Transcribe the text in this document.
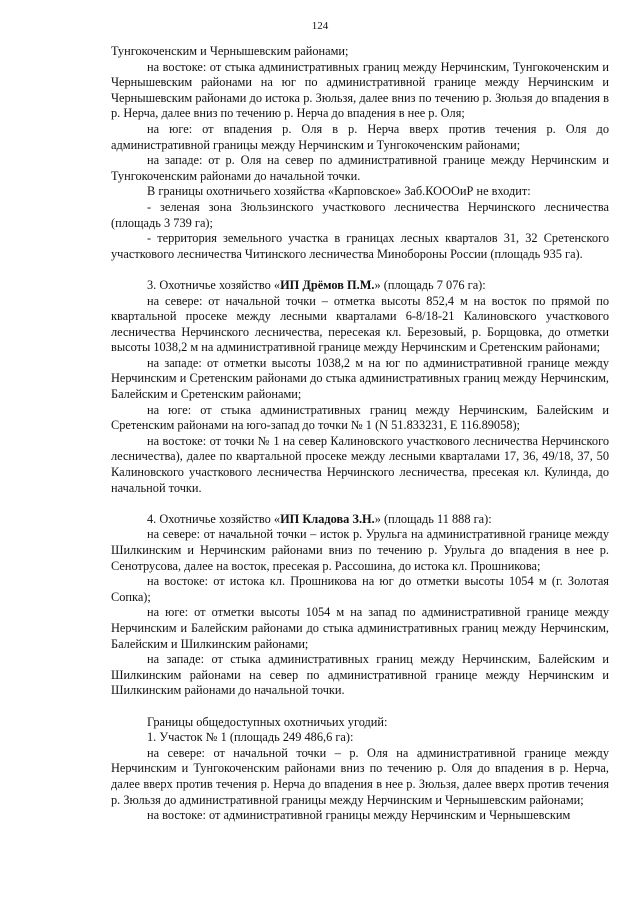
124

Тунгокоченским и Чернышевским районами;

на востоке: от стыка административных границ между Нерчинским, Тунгокоченским и Чернышевским районами на юг по административной границе между Нерчинским и Чернышевским районами до истока р. Зюльзя, далее вниз по течению р. Зюльзя до впадения в р. Нерча, далее вниз по течению р. Нерча до впадения в нее р. Оля;

на юге: от впадения р. Оля в р. Нерча вверх против течения р. Оля до административной границы между Нерчинским и Тунгокоченским районами;

на западе: от р. Оля на север по административной границе между Нерчинским и Тунгокоченским районами до начальной точки.

В границы охотничьего хозяйства «Карповское» Заб.КОООиР не входит:

- зеленая зона Зюльзинского участкового лесничества Нерчинского лесничества (площадь 3 739 га);

- территория земельного участка в границах лесных кварталов 31, 32 Сретенского участкового лесничества Читинского лесничества Минобороны России (площадь 935 га).

3. Охотничье хозяйство «ИП Дрёмов П.М.» (площадь 7 076 га):

на севере: от начальной точки – отметка высоты 852,4 м на восток по прямой по квартальной просеке между лесными кварталами 6-8/18-21 Калиновского участкового лесничества Нерчинского лесничества, пересекая кл. Березовый, р. Борщовка, до отметки высоты 1038,2 м на административной границе между Нерчинским и Сретенским районами;

на западе: от отметки высоты 1038,2 м на юг по административной границе между Нерчинским и Сретенским районами до стыка административных границ между Нерчинским, Балейским и Сретенским районами;

на юге: от стыка административных границ между Нерчинским, Балейским и Сретенским районами на юго-запад до точки № 1 (N 51.833231, E 116.89058);

на востоке: от точки № 1 на север Калиновского участкового лесничества Нерчинского лесничества), далее по квартальной просеке между лесными кварталами 17, 36, 49/18, 37, 50 Калиновского участкового лесничества Нерчинского лесничества, пресекая кл. Кулинда, до начальной точки.

4. Охотничье хозяйство «ИП Кладова З.Н.» (площадь 11 888 га):

на севере: от начальной точки – исток р. Урульга на административной границе между Шилкинским и Нерчинским районами вниз по течению р. Урульга до впадения в нее р. Сенотрусова, далее на восток, пресекая р. Рассошина, до истока кл. Прошникова;

на востоке: от истока кл. Прошникова на юг до отметки высоты 1054 м (г. Золотая Сопка);

на юге: от отметки высоты 1054 м на запад по административной границе между Нерчинским и Балейским районами до стыка административных границ между Нерчинским, Балейским и Шилкинским районами;

на западе: от стыка административных границ между Нерчинским, Балейским и Шилкинским районами на север по административной границе между Нерчинским и Шилкинским районами до начальной точки.

Границы общедоступных охотничьих угодий:

1. Участок № 1 (площадь 249 486,6 га):

на севере: от начальной точки – р. Оля на административной границе между Нерчинским и Тунгокоченским районами вниз по течению р. Оля до впадения в р. Нерча, далее вверх против течения р. Нерча до впадения в нее р. Зюльзя, далее вверх против течения р. Зюльзя до административной границы между Нерчинским и Чернышевским районами;

на востоке: от административной границы между Нерчинским и Чернышевским
